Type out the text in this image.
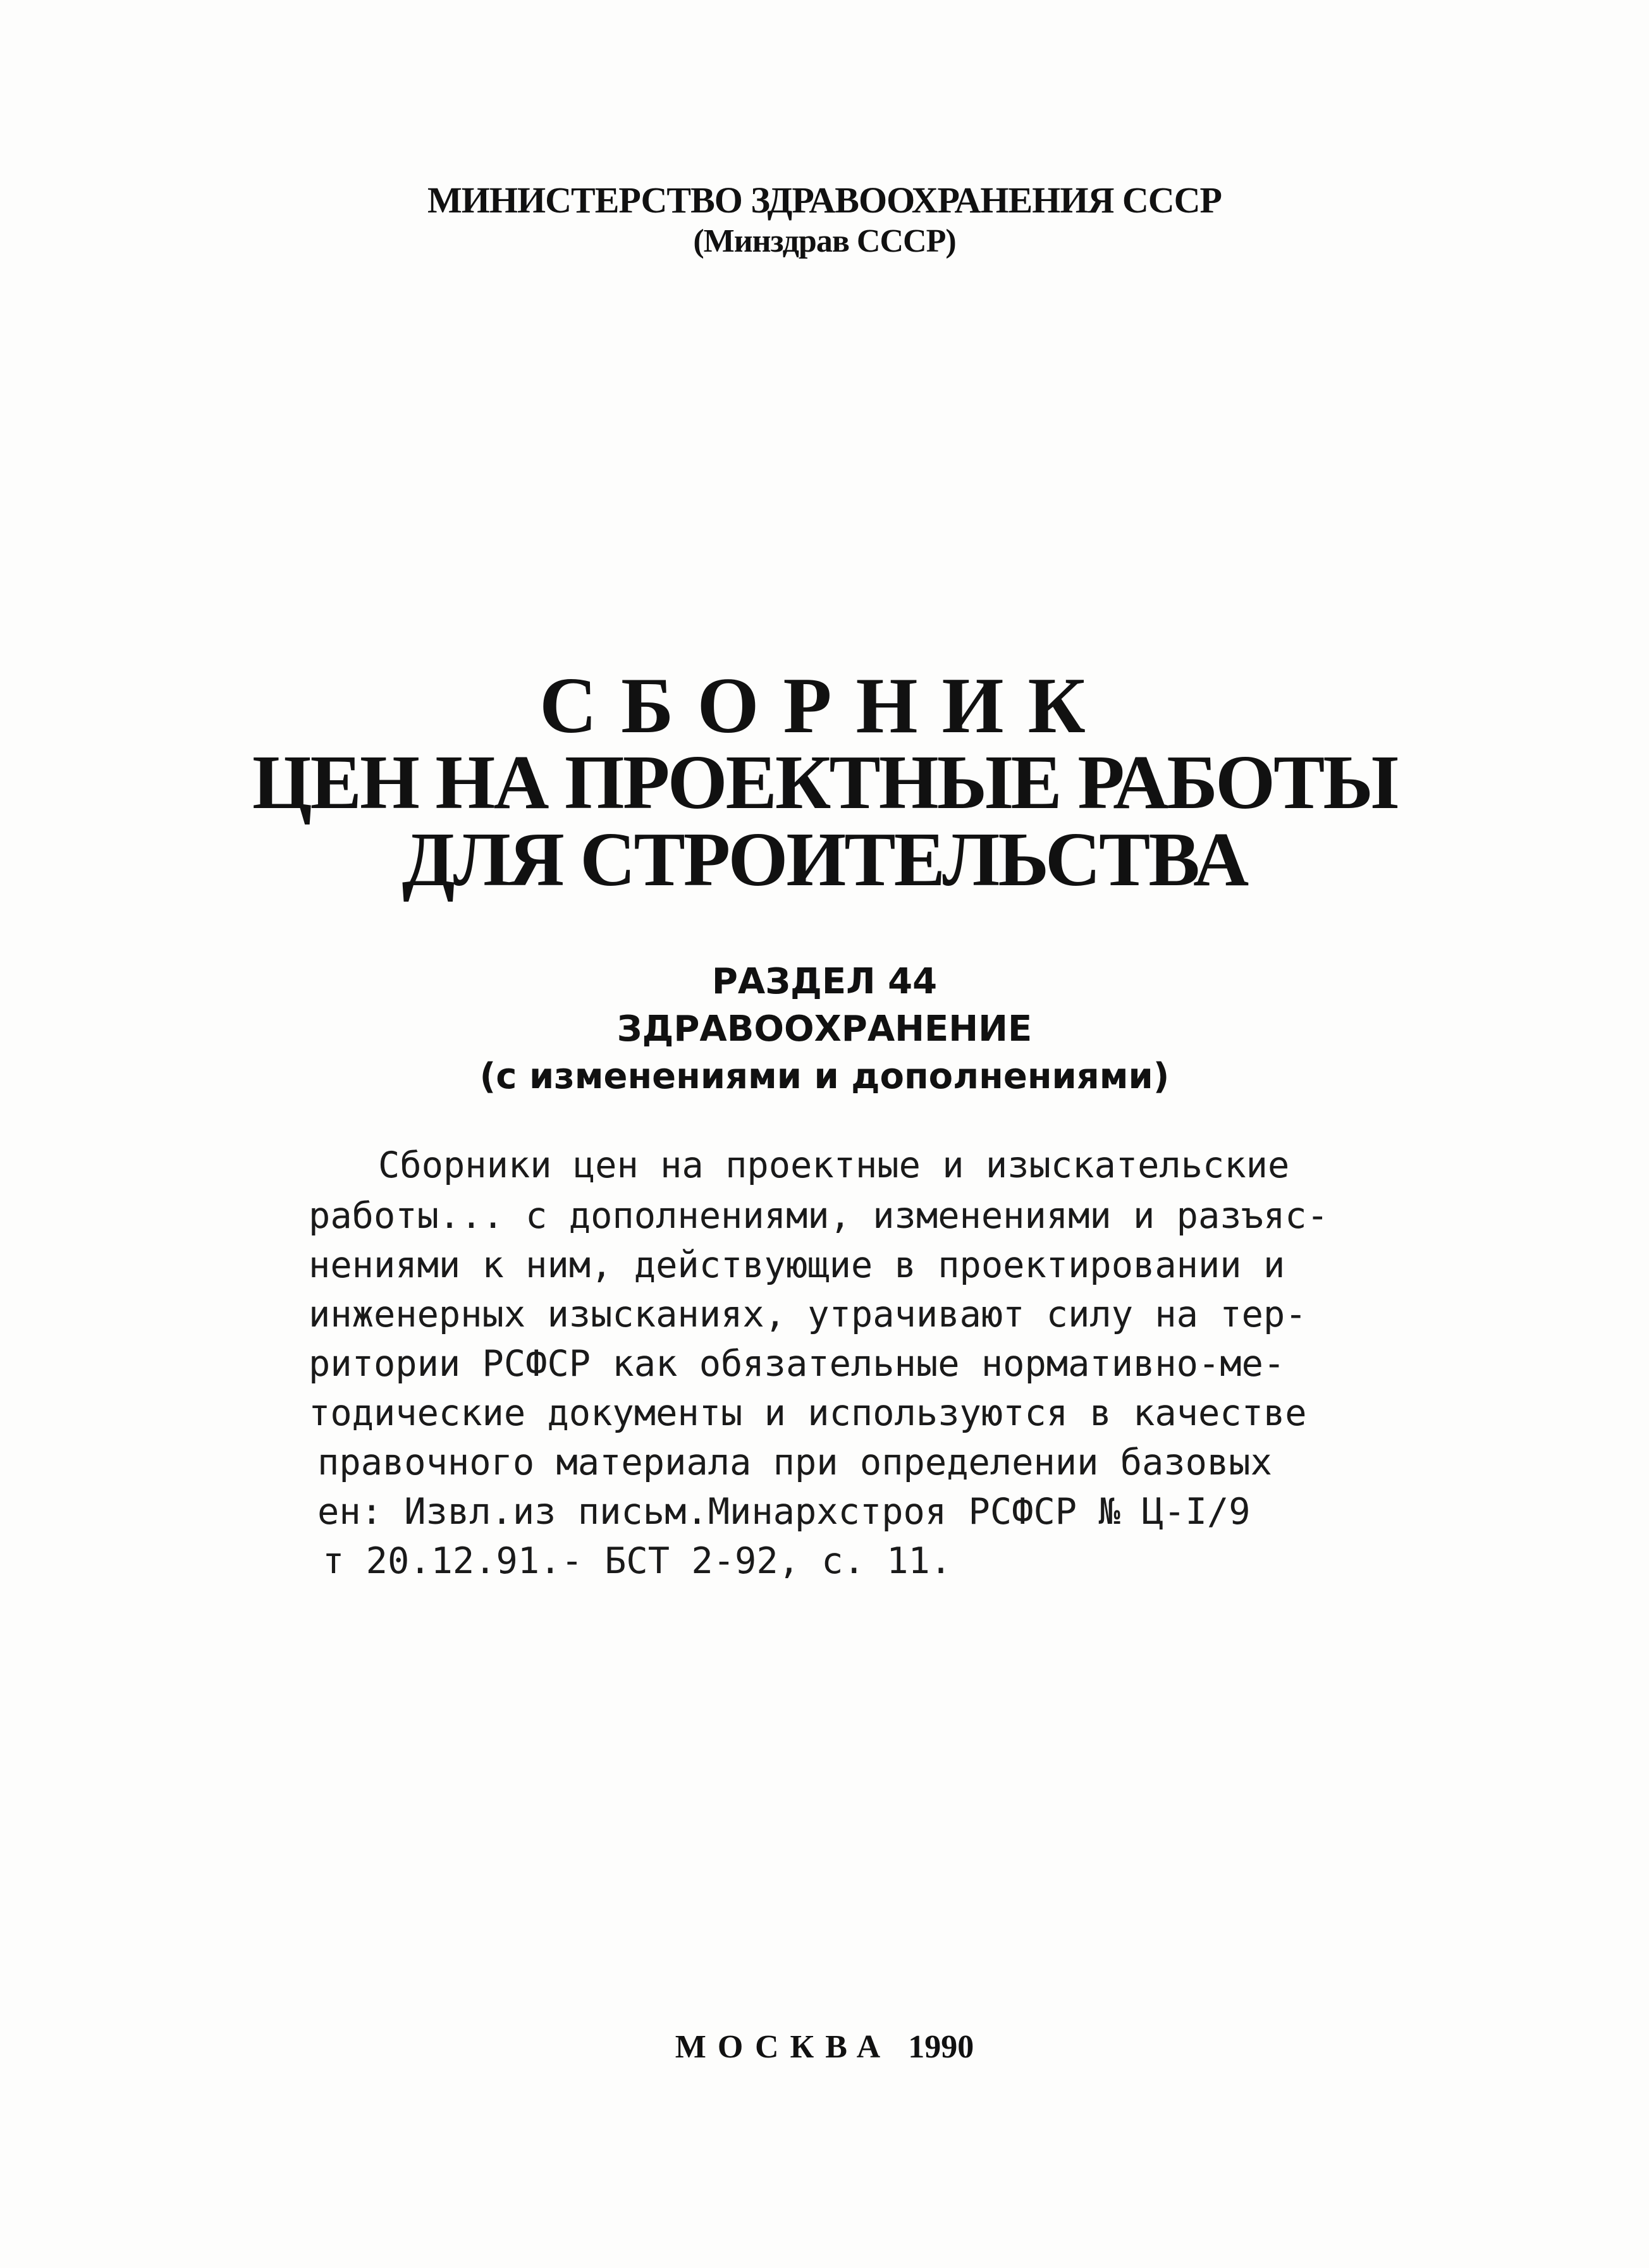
МИНИСТЕРСТВО ЗДРАВООХРАНЕНИЯ СССР
(Минздрав СССР)
СБОРНИК
ЦЕН НА ПРОЕКТНЫЕ РАБОТЫ
ДЛЯ СТРОИТЕЛЬСТВА
РАЗДЕЛ 44
ЗДРАВООХРАНЕНИЕ
(с изменениями и дополнениями)
Сборники цен на проектные и изыскательские
работы... с дополнениями, изменениями и разъяс-
нениями к ним, действующие в проектировании и
инженерных изысканиях, утрачивают силу на тер-
ритории РСФСР как обязательные нормативно-ме-
тодические документы и используются в качестве
правочного материала при определении базовых
ен: Извл.из письм.Минархстроя РСФСР № Ц-I/9
т 20.12.91.- БСТ 2-92, с. 11.
МОСКВА 1990
